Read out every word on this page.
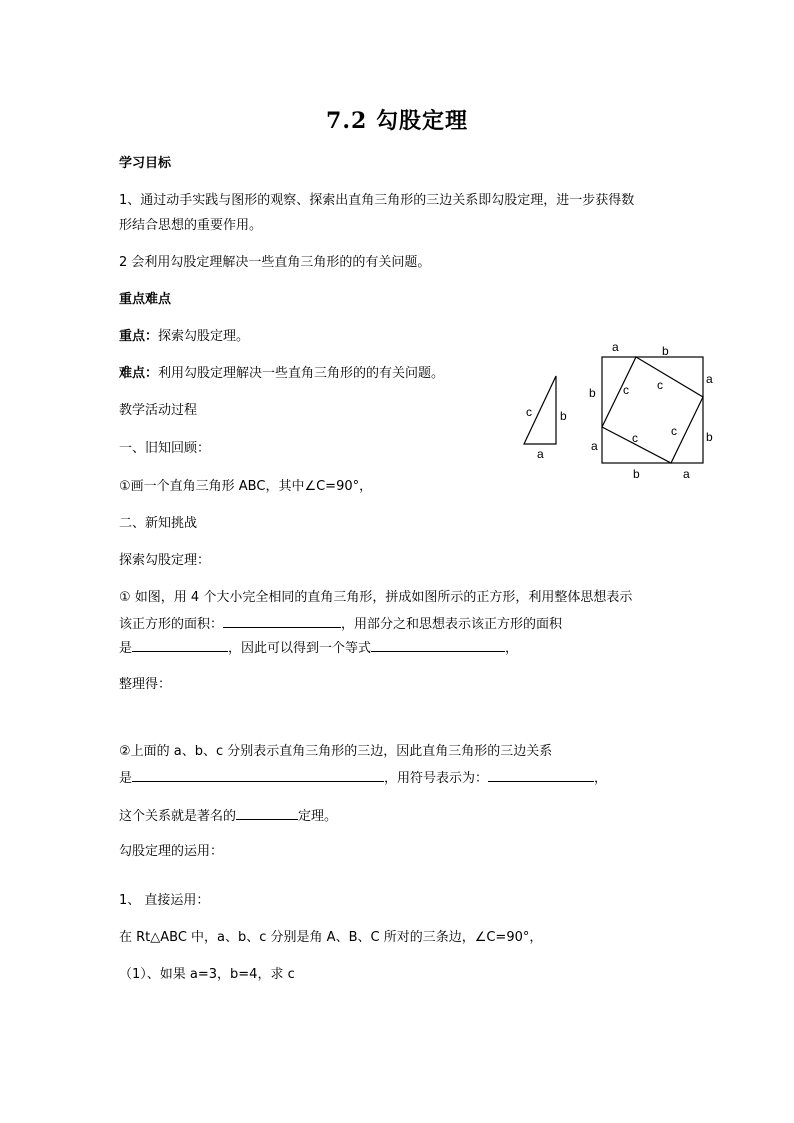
7.2 勾股定理
学习目标
1、通过动手实践与图形的观察、探索出直角三角形的三边关系即勾股定理，进一步获得数
形结合思想的重要作用。
2 会利用勾股定理解决一些直角三角形的的有关问题。
重点难点
重点：探索勾股定理。
难点：利用勾股定理解决一些直角三角形的的有关问题。
教学活动过程
一、旧知回顾：
①画一个直角三角形 ABC，其中∠C=90°，
二、新知挑战
探索勾股定理：
① 如图，用 4 个大小完全相同的直角三角形，拼成如图所示的正方形，利用整体思想表示
该正方形的面积：	，用部分之和思想表示该正方形的面积
是	，因此可以得到一个等式	，
整理得：
②上面的 a、b、c 分别表示直角三角形的三边，因此直角三角形的三边关系
是	，用符号表示为：	，
这个关系就是著名的	定理。
勾股定理的运用：
1、 直接运用：
在 Rt△ABC 中，a、b、c 分别是角 A、B、C 所对的三条边，∠C=90°，
（1）、如果 a=3，b=4，求 c
c b
a
a	b
a
b
b	a
b
a
c c
c
c
